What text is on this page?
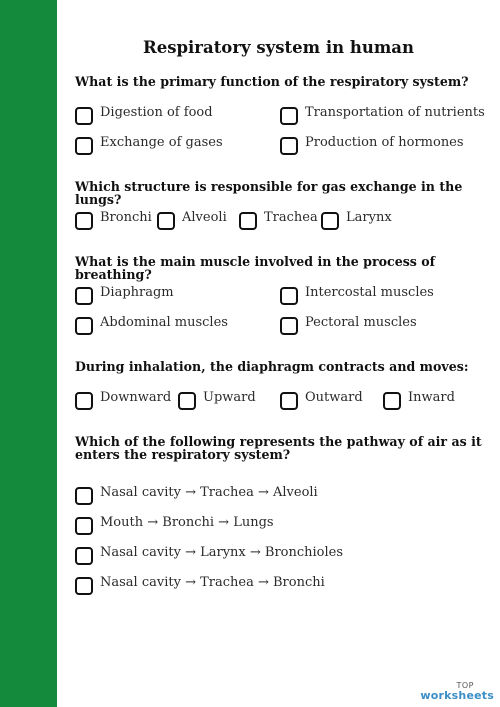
Respiratory system in human
What is the primary function of the respiratory system?
Digestion of food	Transportation of nutrients
Exchange of gases	Production of hormones
Which structure is responsible for gas exchange in the lungs?
Bronchi Alveoli	Trachea Larynx
What is the main muscle involved in the process of breathing?
Diaphragm	Intercostal muscles
Abdominal muscles	Pectoral muscles
During inhalation, the diaphragm contracts and moves:
Downward Upward	Outward	Inward
Which of the following represents the pathway of air as it enters the respiratory system?
Nasal cavity → Trachea → Alveoli
Mouth → Bronchi → Lungs
Nasal cavity → Larynx → Bronchioles
Nasal cavity → Trachea → Bronchi
TOP
worksheets
